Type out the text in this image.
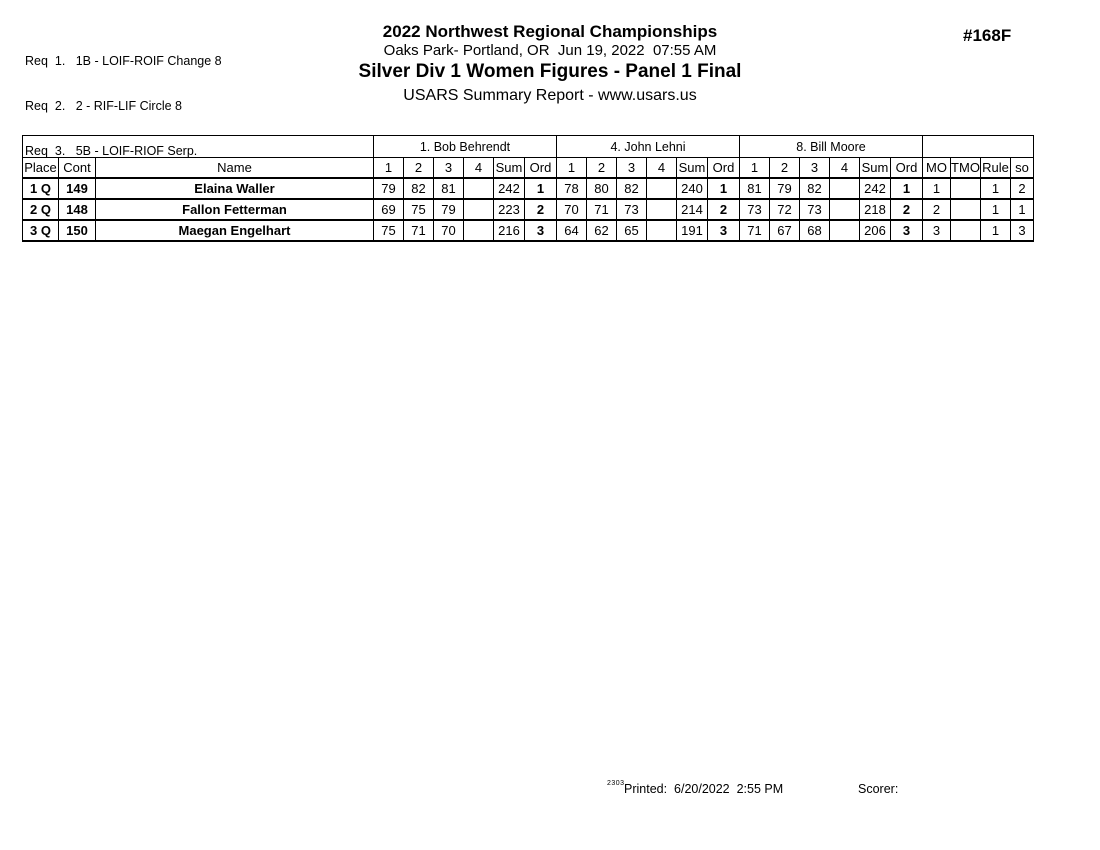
Req  1.   1B - LOIF-ROIF Change 8

Req  2.   2 - RIF-LIF Circle 8

Req  3.   5B - LOIF-RIOF Serp.

2022 Northwest Regional Championships
Oaks Park- Portland, OR  Jun 19, 2022  07:55 AM
Silver Div 1 Women Figures - Panel 1 Final
USARS Summary Report - www.usars.us
#168F
			1. Bob Behrendt						4. John Lehni						8. Bill Moore									
Place	Cont	Name	1	2	3	4	Sum	Ord	1	2	3	4	Sum	Ord	1	2	3	4	Sum	Ord	MO	TMO	Rule	so
1 Q	149	Elaina Waller	79	82	81		242	1	78	80	82		240	1	81	79	82		242	1	1		1	2
2 Q	148	Fallon Fetterman	69	75	79		223	2	70	71	73		214	2	73	72	73		218	2	2		1	1
3 Q	150	Maegan Engelhart	75	71	70		216	3	64	62	65		191	3	71	67	68		206	3	3		1	3
2303 Printed:  6/20/2022  2:55 PM	Scorer:
